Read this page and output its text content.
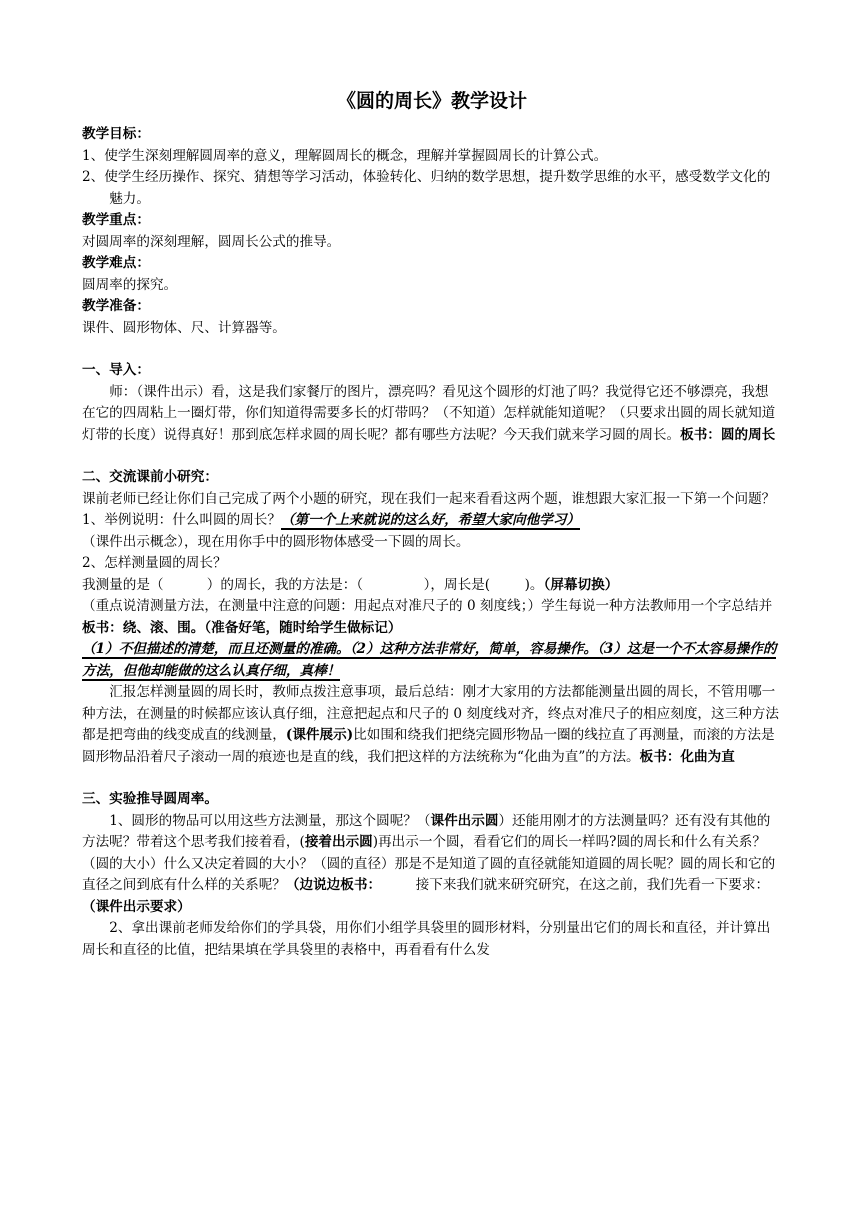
《圆的周长》教学设计
教学目标：
1、使学生深刻理解圆周率的意义，理解圆周长的概念，理解并掌握圆周长的计算公式。
2、使学生经历操作、探究、猜想等学习活动，体验转化、归纳的数学思想，提升数学思维的水平，感受数学文化的魅力。
教学重点：
对圆周率的深刻理解，圆周长公式的推导。
教学难点：
圆周率的探究。
教学准备：
课件、圆形物体、尺、计算器等。
一、导入：
师：（课件出示）看，这是我们家餐厅的图片，漂亮吗？看见这个圆形的灯池了吗？我觉得它还不够漂亮，我想在它的四周粘上一圈灯带，你们知道得需要多长的灯带吗？（不知道）怎样就能知道呢？（只要求出圆的周长就知道灯带的长度）说得真好！那到底怎样求圆的周长呢？都有哪些方法呢？今天我们就来学习圆的周长。板书：圆的周长
二、交流课前小研究：
课前老师已经让你们自己完成了两个小题的研究，现在我们一起来看看这两个题，谁想跟大家汇报一下第一个问题？
1、举例说明：什么叫圆的周长？（第一个上来就说的这么好，希望大家向他学习）
（课件出示概念），现在用你手中的圆形物体感受一下圆的周长。
2、怎样测量圆的周长？
我测量的是（          ）的周长，我的方法是：（              ），周长是(        )。（屏幕切换）
（重点说清测量方法，在测量中注意的问题：用起点对准尺子的 0 刻度线；）学生每说一种方法教师用一个字总结并板书：绕、滚、围。（准备好笔，随时给学生做标记）
（1）不但描述的清楚，而且还测量的准确。（2）这种方法非常好，简单，容易操作。（3）这是一个不太容易操作的方法，但他却能做的这么认真仔细，真棒！
汇报怎样测量圆的周长时，教师点拨注意事项，最后总结：刚才大家用的方法都能测量出圆的周长，不管用哪一种方法，在测量的时候都应该认真仔细，注意把起点和尺子的 0 刻度线对齐，终点对准尺子的相应刻度，这三种方法都是把弯曲的线变成直的线测量，(课件展示)比如围和绕我们把绕完圆形物品一圈的线拉直了再测量，而滚的方法是圆形物品沿着尺子滚动一周的痕迹也是直的线，我们把这样的方法统称为“化曲为直”的方法。板书：化曲为直
三、实验推导圆周率。
1、圆形的物品可以用这些方法测量，那这个圆呢？（课件出示圆）还能用刚才的方法测量吗？还有没有其他的方法呢？带着这个思考我们接着看，(接着出示圆)再出示一个圆，看看它们的周长一样吗?圆的周长和什么有关系？（圆的大小）什么又决定着圆的大小？（圆的直径）那是不是知道了圆的直径就能知道圆的周长呢？圆的周长和它的直径之间到底有什么样的关系呢？（边说边板书：        接下来我们就来研究研究，在这之前，我们先看一下要求：（课件出示要求）
2、拿出课前老师发给你们的学具袋，用你们小组学具袋里的圆形材料，分别量出它们的周长和直径，并计算出周长和直径的比值，把结果填在学具袋里的表格中，再看看有什么发
